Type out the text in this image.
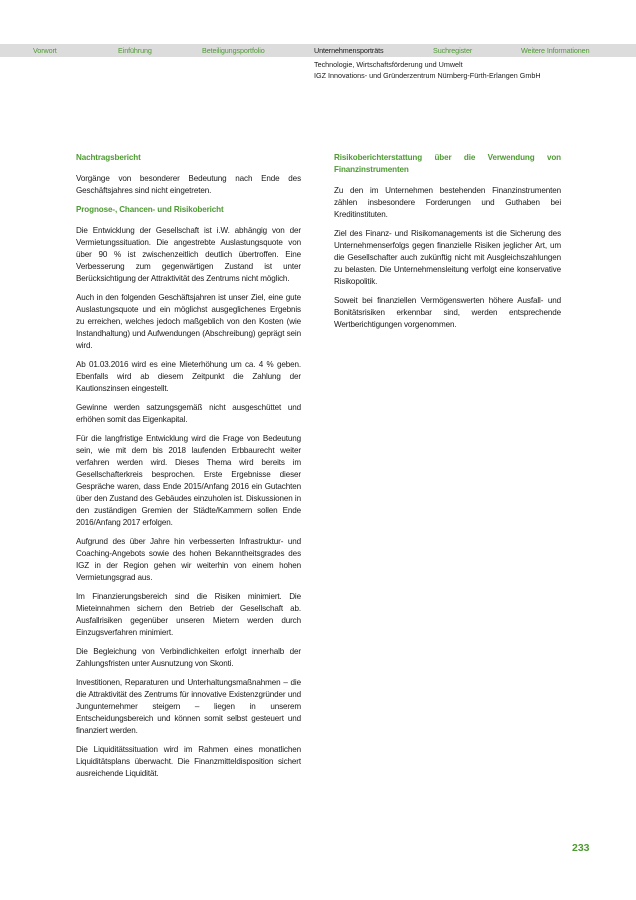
Vorwort	Einführung	Beteiligungsportfolio	Unternehmensporträts	Suchregister	Weitere Informationen
Technologie, Wirtschaftsförderung und Umwelt
IGZ Innovations- und Gründerzentrum Nürnberg-Fürth-Erlangen GmbH
Nachtragsbericht

Vorgänge von besonderer Bedeutung nach Ende des Geschäftsjahres sind nicht eingetreten.

Prognose-, Chancen- und Risikobericht

Die Entwicklung der Gesellschaft ist i.W. abhängig von der Vermietungssituation. Die angestrebte Auslastungsquote von über 90 % ist zwischenzeitlich deutlich übertroffen. Eine Verbesserung zum gegenwärtigen Zustand ist unter Berücksichtigung der Attraktivität des Zentrums nicht möglich.

Auch in den folgenden Geschäftsjahren ist unser Ziel, eine gute Auslastungsquote und ein möglichst ausgeglichenes Ergebnis zu erreichen, welches jedoch maßgeblich von den Kosten (wie Instandhaltung) und Aufwendungen (Abschreibung) geprägt sein wird.

Ab 01.03.2016 wird es eine Mieterhöhung um ca. 4 % geben. Ebenfalls wird ab diesem Zeitpunkt die Zahlung der Kautionszinsen eingestellt.

Gewinne werden satzungsgemäß nicht ausgeschüttet und erhöhen somit das Eigenkapital.

Für die langfristige Entwicklung wird die Frage von Bedeutung sein, wie mit dem bis 2018 laufenden Erbbaurecht weiter verfahren werden wird. Dieses Thema wird bereits im Gesellschafterkreis besprochen. Erste Ergebnisse dieser Gespräche waren, dass Ende 2015/Anfang 2016 ein Gutachten über den Zustand des Gebäudes einzuholen ist. Diskussionen in den zuständigen Gremien der Städte/Kammern sollen Ende 2016/Anfang 2017 erfolgen.

Aufgrund des über Jahre hin verbesserten Infrastruktur- und Coaching-Angebots sowie des hohen Bekanntheitsgrades des IGZ in der Region gehen wir weiterhin von einem hohen Vermietungsgrad aus.

Im Finanzierungsbereich sind die Risiken minimiert. Die Mieteinnahmen sichern den Betrieb der Gesellschaft ab. Ausfallrisiken gegenüber unseren Mietern werden durch Einzugsverfahren minimiert.

Die Begleichung von Verbindlichkeiten erfolgt innerhalb der Zahlungsfristen unter Ausnutzung von Skonti.

Investitionen, Reparaturen und Unterhaltungsmaßnahmen – die die Attraktivität des Zentrums für innovative Existenzgründer und Jungunternehmer steigern – liegen in unserem Entscheidungsbereich und können somit selbst gesteuert und finanziert werden.

Die Liquiditätssituation wird im Rahmen eines monatlichen Liquiditätsplans überwacht. Die Finanzmitteldisposition sichert ausreichende Liquidität.

Risikoberichterstattung über die Verwendung von Finanzinstrumenten

Zu den im Unternehmen bestehenden Finanzinstrumenten zählen insbesondere Forderungen und Guthaben bei Kreditinstituten.

Ziel des Finanz- und Risikomanagements ist die Sicherung des Unternehmenserfolgs gegen finanzielle Risiken jeglicher Art, um die Gesellschafter auch zukünftig nicht mit Ausgleichszahlungen zu belasten. Die Unternehmensleitung verfolgt eine konservative Risikopolitik.

Soweit bei finanziellen Vermögenswerten höhere Ausfall- und Bonitätsrisiken erkennbar sind, werden entsprechende Wertberichtigungen vorgenommen.

233
